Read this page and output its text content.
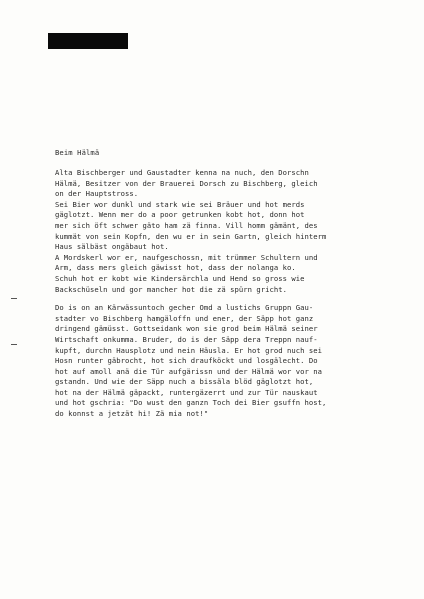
Beim Hälmä
Alta Bischberger und Gaustadter kenna na nuch, den Dorschn
Hälmä, Besitzer von der Brauerei Dorsch zu Bischberg, gleich
on der Hauptstross.
Sei Bier wor dunkl und stark wie sei Bräuer und hot merds
gäglotzt. Wenn mer do a poor getrunken kobt hot, donn hot
mer sich öft schwer gäto ham zä finna. Vill homm gämänt, des
kummät von sein Kopfn, den wu er in sein Gartn, gleich hinterm
Haus sälbäst ongäbaut hot.
A Mordskerl wor er, naufgeschossn, mit trümmer Schultern und
Arm, dass mers gleich gäwisst hot, dass der nolanga ko.
Schuh hot er kobt wie Kindersärchla und Hend so gross wie
Backschüseln und gor mancher hot die zä spürn gricht.
Do is on an Kärwässuntoch gecher Omd a lustichs Gruppn Gau-
stadter vo Bischberg hamgäloffn und ener, der Säpp hot ganz
dringend gämüsst. Gottseidank won sie grod beim Hälmä seiner
Wirtschaft onkumma. Bruder, do is der Säpp dera Treppn nauf-
kupft, durchn Hausplotz und nein Häusla. Er hot grod nuch sei
Hosn runter gäbrocht, hot sich draufköckt und losgälecht. Do
hot auf amoll anä die Tür aufgärissn und der Hälmä wor vor na
gstandn. Und wie der Säpp nuch a bissäla blöd gäglotzt hot,
hot na der Hälmä gäpackt, runtergäzerrt und zur Tür nauskaut
und hot gschria: "Do wust den ganzn Toch dei Bier gsuffn host,
do konnst a jetzät hi! Zä mia not!"
